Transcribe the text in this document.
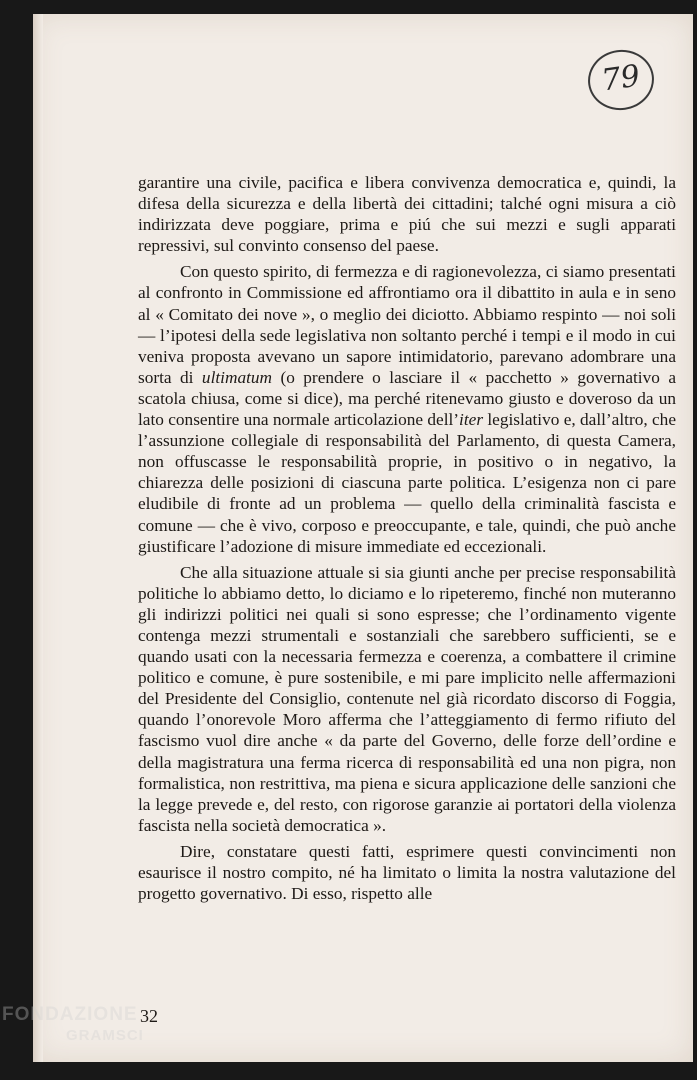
79

garantire una civile, pacifica e libera convivenza democratica e, quindi, la difesa della sicurezza e della libertà dei cittadini; talché ogni misura a ciò indirizzata deve poggiare, prima e piú che sui mezzi e sugli apparati repressivi, sul convinto consenso del paese.

Con questo spirito, di fermezza e di ragionevolezza, ci siamo presentati al confronto in Commissione ed affrontiamo ora il dibattito in aula e in seno al « Comitato dei nove », o meglio dei diciotto. Abbiamo respinto — noi soli — l’ipotesi della sede legislativa non soltanto perché i tempi e il modo in cui veniva proposta avevano un sapore intimidatorio, parevano adombrare una sorta di ultimatum (o prendere o lasciare il « pacchetto » governativo a scatola chiusa, come si dice), ma perché ritenevamo giusto e doveroso da un lato consentire una normale articolazione dell’iter legislativo e, dall’altro, che l’assunzione collegiale di responsabilità del Parlamento, di questa Camera, non offuscasse le responsabilità proprie, in positivo o in negativo, la chiarezza delle posizioni di ciascuna parte politica. L’esigenza non ci pare eludibile di fronte ad un problema — quello della criminalità fascista e comune — che è vivo, corposo e preoccupante, e tale, quindi, che può anche giustificare l’adozione di misure immediate ed eccezionali.

Che alla situazione attuale si sia giunti anche per precise responsabilità politiche lo abbiamo detto, lo diciamo e lo ripeteremo, finché non muteranno gli indirizzi politici nei quali si sono espresse; che l’ordinamento vigente contenga mezzi strumentali e sostanziali che sarebbero sufficienti, se e quando usati con la necessaria fermezza e coerenza, a combattere il crimine politico e comune, è pure sostenibile, e mi pare implicito nelle affermazioni del Presidente del Consiglio, contenute nel già ricordato discorso di Foggia, quando l’onorevole Moro afferma che l’atteggiamento di fermo rifiuto del fascismo vuol dire anche « da parte del Governo, delle forze dell’ordine e della magistratura una ferma ricerca di responsabilità ed una non pigra, non formalistica, non restrittiva, ma piena e sicura applicazione delle sanzioni che la legge prevede e, del resto, con rigorose garanzie ai portatori della violenza fascista nella società democratica ».

Dire, constatare questi fatti, esprimere questi convincimenti non esaurisce il nostro compito, né ha limitato o limita la nostra valutazione del progetto governativo. Di esso, rispetto alle

32
FONDAZIONE
GRAMSCI
